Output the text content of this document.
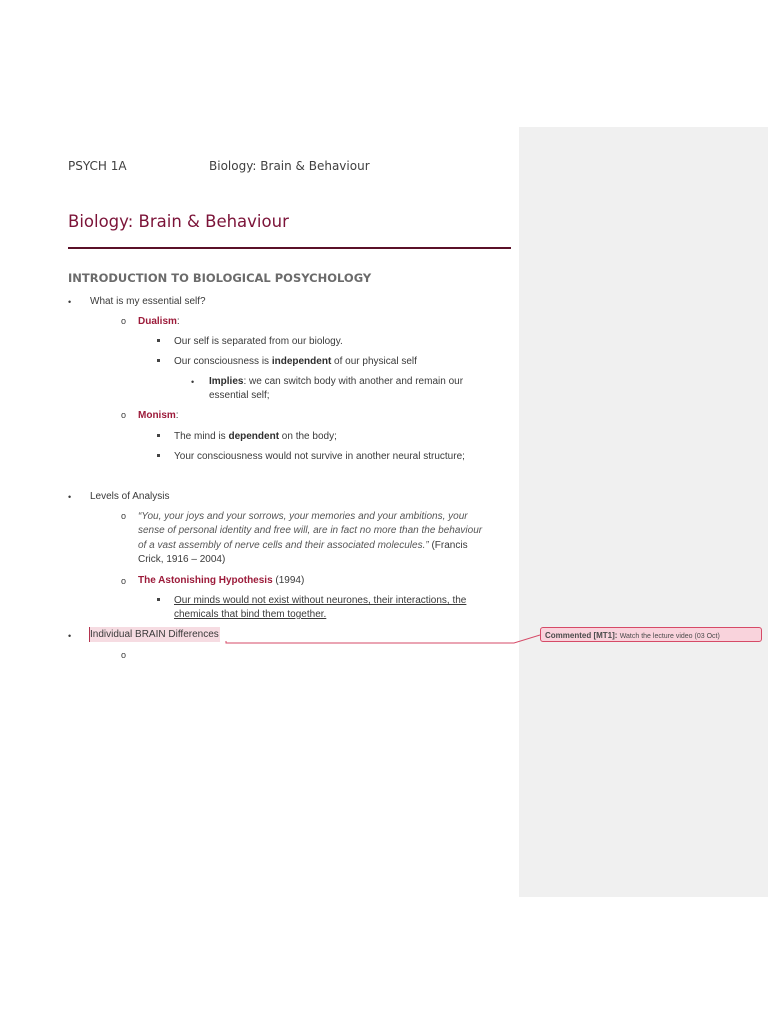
PSYCH 1A	Biology: Brain & Behaviour
Biology: Brain & Behaviour
INTRODUCTION TO BIOLOGICAL POSYCHOLOGY
• What is my essential self?
o Dualism:
Our self is separated from our biology.
Our consciousness is independent of our physical self
• Implies: we can switch body with another and remain our
essential self;
o Monism:
The mind is dependent on the body;
Your consciousness would not survive in another neural structure;
• Levels of Analysis
o “You, your joys and your sorrows, your memories and your ambitions, your
sense of personal identity and free will, are in fact no more than the behaviour
of a vast assembly of nerve cells and their associated molecules.” (Francis
Crick, 1916 – 2004)
o The Astonishing Hypothesis (1994)
Our minds would not exist without neurones, their interactions, the
chemicals that bind them together.
• Individual BRAIN Differences
o
Commented [MT1]: Watch the lecture video (03 Oct)
